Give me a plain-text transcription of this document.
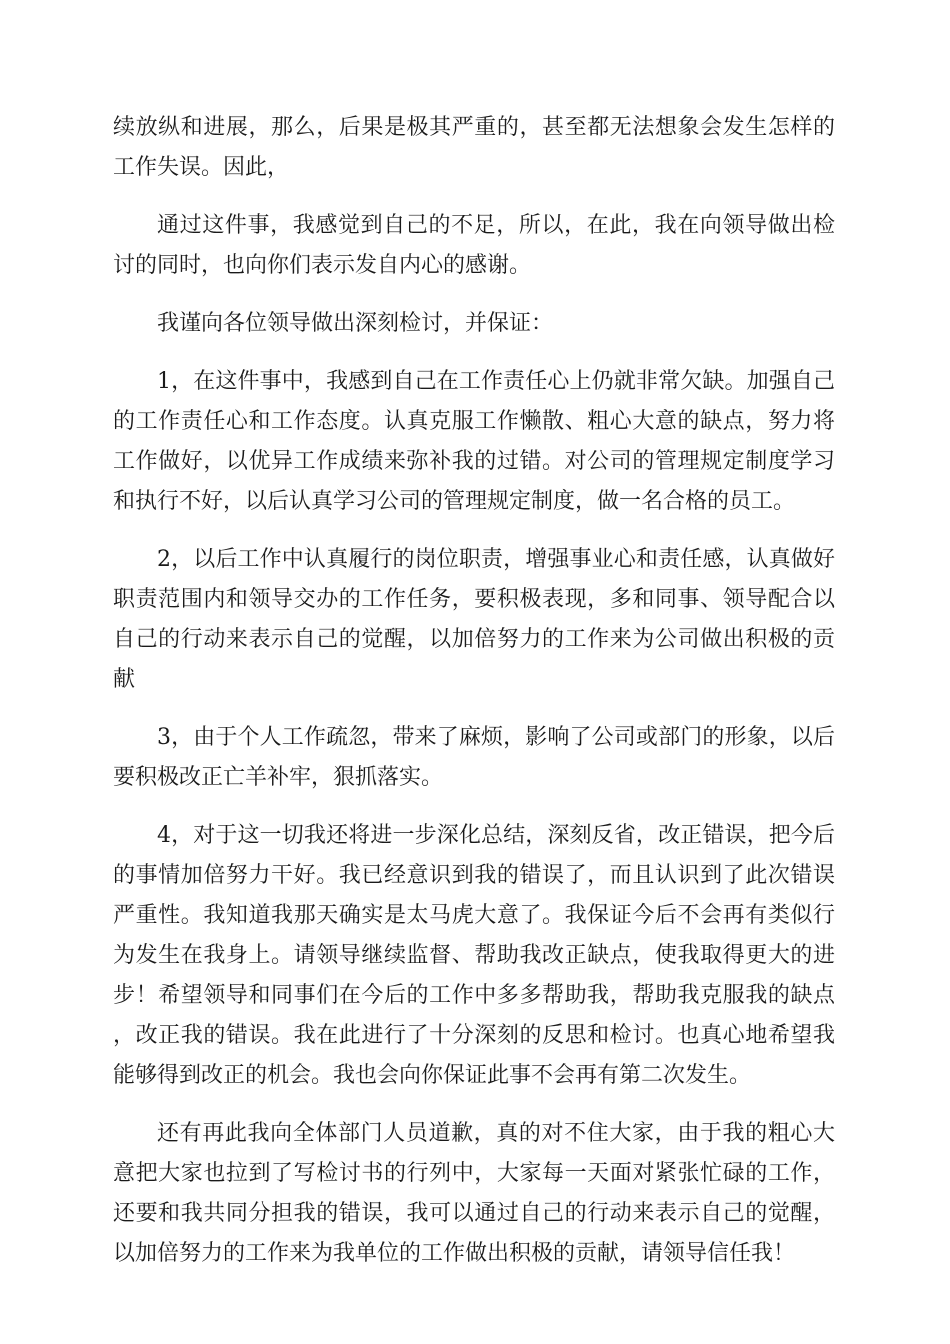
续放纵和进展，那么，后果是极其严重的，甚至都无法想象会发生怎样的工作失误。因此，

通过这件事，我感觉到自己的不足，所以，在此，我在向领导做出检讨的同时，也向你们表示发自内心的感谢。

我谨向各位领导做出深刻检讨，并保证：

1，在这件事中，我感到自己在工作责任心上仍就非常欠缺。加强自己的工作责任心和工作态度。认真克服工作懒散、粗心大意的缺点，努力将工作做好，以优异工作成绩来弥补我的过错。对公司的管理规定制度学习和执行不好，以后认真学习公司的管理规定制度，做一名合格的员工。

2，以后工作中认真履行的岗位职责，增强事业心和责任感，认真做好职责范围内和领导交办的工作任务，要积极表现，多和同事、领导配合以自己的行动来表示自己的觉醒，以加倍努力的工作来为公司做出积极的贡献

3，由于个人工作疏忽，带来了麻烦，影响了公司或部门的形象，以后要积极改正亡羊补牢，狠抓落实。

4，对于这一切我还将进一步深化总结，深刻反省，改正错误，把今后的事情加倍努力干好。我已经意识到我的错误了，而且认识到了此次错误严重性。我知道我那天确实是太马虎大意了。我保证今后不会再有类似行为发生在我身上。请领导继续监督、帮助我改正缺点，使我取得更大的进步！希望领导和同事们在今后的工作中多多帮助我，帮助我克服我的缺点，改正我的错误。我在此进行了十分深刻的反思和检讨。也真心地希望我能够得到改正的机会。我也会向你保证此事不会再有第二次发生。

还有再此我向全体部门人员道歉，真的对不住大家，由于我的粗心大意把大家也拉到了写检讨书的行列中，大家每一天面对紧张忙碌的工作，还要和我共同分担我的错误，我可以通过自己的行动来表示自己的觉醒，以加倍努力的工作来为我单位的工作做出积极的贡献，请领导信任我！
